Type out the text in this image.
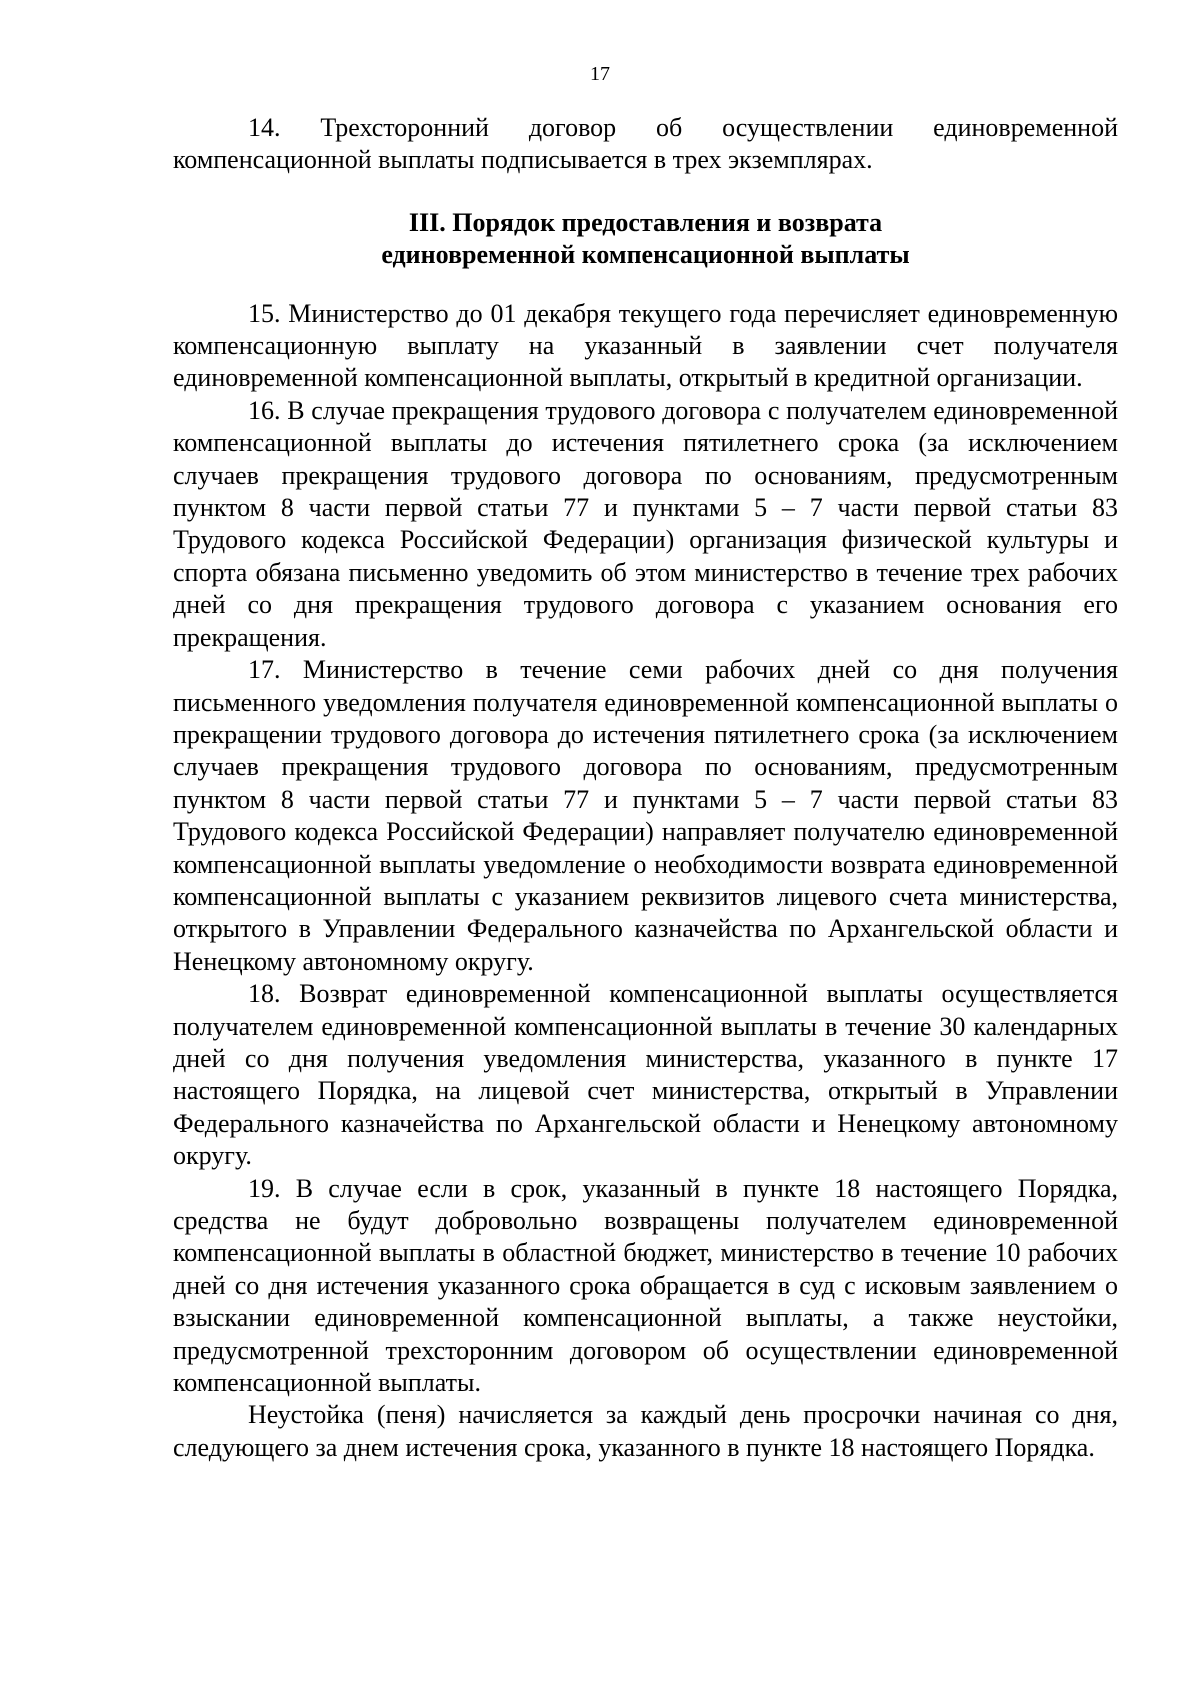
17

14. Трехсторонний договор об осуществлении единовременной компенсационной выплаты подписывается в трех экземплярах.

III. Порядок предоставления и возврата
единовременной компенсационной выплаты

15. Министерство до 01 декабря текущего года перечисляет единовременную компенсационную выплату на указанный в заявлении счет получателя единовременной компенсационной выплаты, открытый в кредитной организации.

16. В случае прекращения трудового договора с получателем единовременной компенсационной выплаты до истечения пятилетнего срока (за исключением случаев прекращения трудового договора по основаниям, предусмотренным пунктом 8 части первой статьи 77 и пунктами 5 – 7 части первой статьи 83 Трудового кодекса Российской Федерации) организация физической культуры и спорта обязана письменно уведомить об этом министерство в течение трех рабочих дней со дня прекращения трудового договора с указанием основания его прекращения.

17. Министерство в течение семи рабочих дней со дня получения письменного уведомления получателя единовременной компенсационной выплаты о прекращении трудового договора до истечения пятилетнего срока (за исключением случаев прекращения трудового договора по основаниям, предусмотренным пунктом 8 части первой статьи 77 и пунктами 5 – 7 части первой статьи 83 Трудового кодекса Российской Федерации) направляет получателю единовременной компенсационной выплаты уведомление о необходимости возврата единовременной компенсационной выплаты с указанием реквизитов лицевого счета министерства, открытого в Управлении Федерального казначейства по Архангельской области и Ненецкому автономному округу.

18. Возврат единовременной компенсационной выплаты осуществляется получателем единовременной компенсационной выплаты в течение 30 календарных дней со дня получения уведомления министерства, указанного в пункте 17 настоящего Порядка, на лицевой счет министерства, открытый в Управлении Федерального казначейства по Архангельской области и Ненецкому автономному округу.

19. В случае если в срок, указанный в пункте 18 настоящего Порядка, средства не будут добровольно возвращены получателем единовременной компенсационной выплаты в областной бюджет, министерство в течение 10 рабочих дней со дня истечения указанного срока обращается в суд с исковым заявлением о взыскании единовременной компенсационной выплаты, а также неустойки, предусмотренной трехсторонним договором об осуществлении единовременной компенсационной выплаты.

Неустойка (пеня) начисляется за каждый день просрочки начиная со дня, следующего за днем истечения срока, указанного в пункте 18 настоящего Порядка.
